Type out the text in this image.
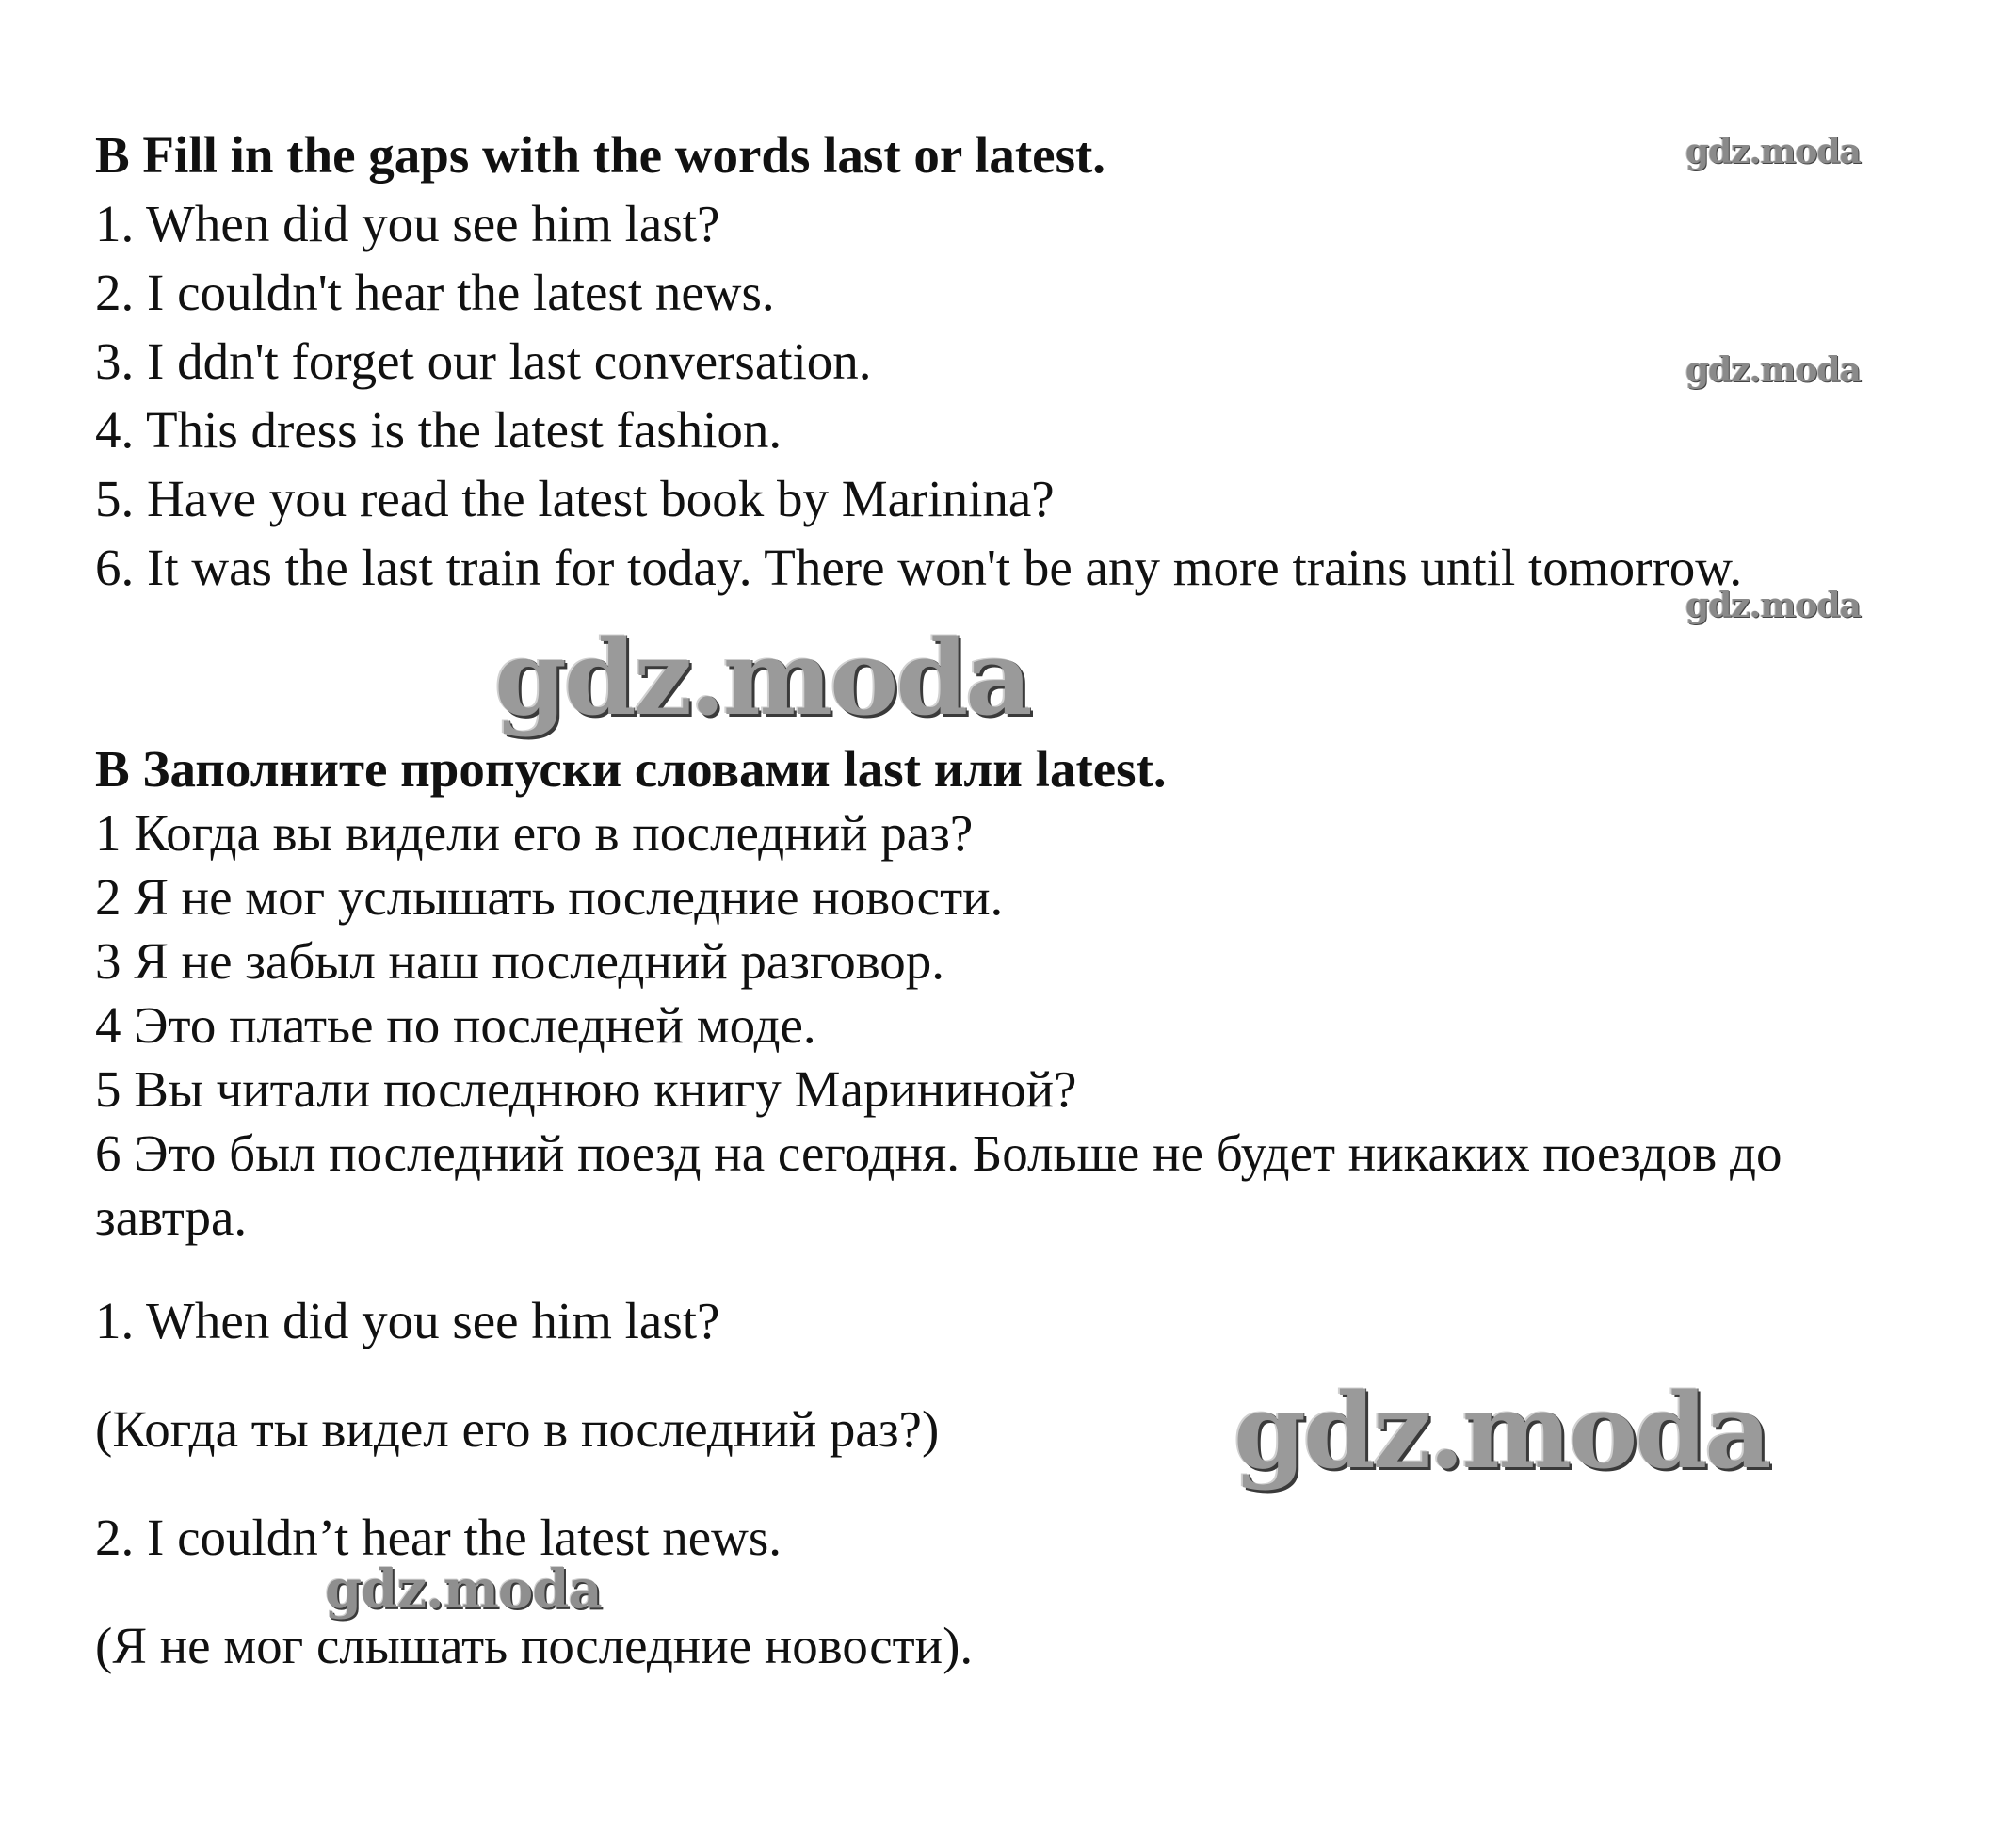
B Fill in the gaps with the words last or latest.

1. When did you see him last?

2. I couldn't hear the latest news.

3. I ddn't forget our last conversation.

4. This dress is the latest fashion.

5. Have you read the latest book by Marinina?

6. It was the last train for today. There won't be any more trains until tomorrow.

В Заполните пропуски словами last или latest.

1 Когда вы видели его в последний раз?

2 Я не мог услышать последние новости.

3 Я не забыл наш последний разговор.

4 Это платье по последней моде.

5 Вы читали последнюю книгу Марининой?

6 Это был последний поезд на сегодня. Больше не будет никаких поездов до

завтра.

1. When did you see him last?

(Когда ты видел его в последний раз?)

2. I couldn’t hear the latest news.

(Я не мог слышать последние новости).

gdz.moda
gdz.moda
gdz.moda
gdz.moda
gdz.moda
gdz.moda
